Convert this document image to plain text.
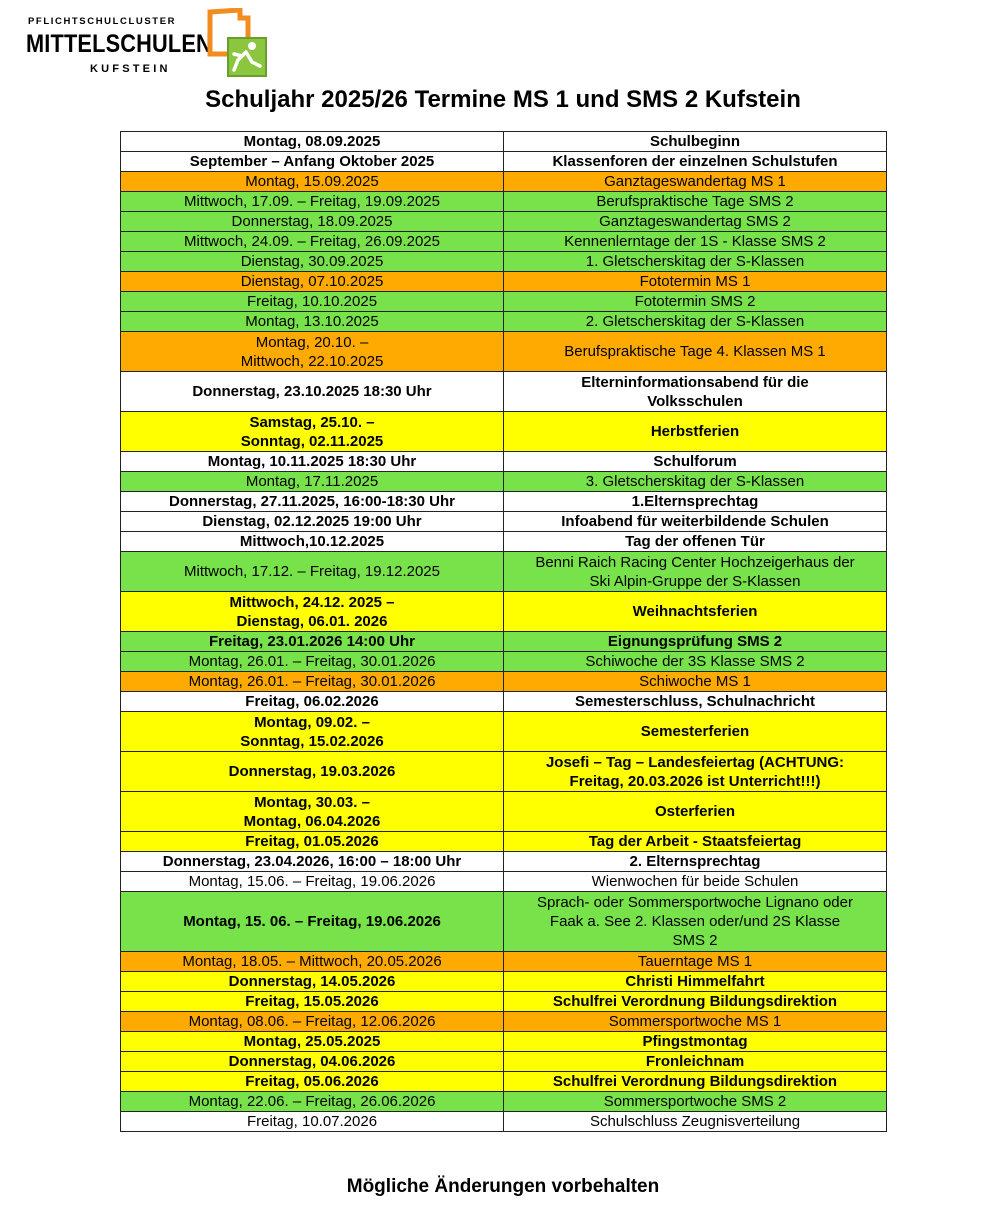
PFLICHTSCHULCLUSTER
MITTELSCHULEN
KUFSTEIN
Schuljahr 2025/26 Termine MS 1 und SMS 2 Kufstein
Montag, 08.09.2025	Schulbeginn
September – Anfang Oktober 2025	Klassenforen der einzelnen Schulstufen
Montag, 15.09.2025	Ganztageswandertag MS 1
Mittwoch, 17.09. – Freitag, 19.09.2025	Berufspraktische Tage SMS 2
Donnerstag, 18.09.2025	Ganztageswandertag SMS 2
Mittwoch, 24.09. – Freitag, 26.09.2025	Kennenlerntage der 1S - Klasse SMS 2
Dienstag, 30.09.2025	1. Gletscherskitag der S-Klassen
Dienstag, 07.10.2025	Fototermin MS 1
Freitag, 10.10.2025	Fototermin SMS 2
Montag, 13.10.2025	2. Gletscherskitag der S-Klassen
Montag, 20.10. –
Mittwoch, 22.10.2025	Berufspraktische Tage 4. Klassen MS 1
Donnerstag, 23.10.2025 18:30 Uhr	Elterninformationsabend für die
Volksschulen
Samstag, 25.10. –
Sonntag, 02.11.2025	Herbstferien
Montag, 10.11.2025 18:30 Uhr	Schulforum
Montag, 17.11.2025	3. Gletscherskitag der S-Klassen
Donnerstag, 27.11.2025, 16:00-18:30 Uhr	1.Elternsprechtag
Dienstag, 02.12.2025 19:00 Uhr	Infoabend für weiterbildende Schulen
Mittwoch,10.12.2025	Tag der offenen Tür
Mittwoch, 17.12. – Freitag, 19.12.2025	Benni Raich Racing Center Hochzeigerhaus der
Ski Alpin-Gruppe der S-Klassen
Mittwoch, 24.12. 2025 –
Dienstag, 06.01. 2026	Weihnachtsferien
Freitag, 23.01.2026 14:00 Uhr	Eignungsprüfung SMS 2
Montag, 26.01. – Freitag, 30.01.2026	Schiwoche der 3S Klasse SMS 2
Montag, 26.01. – Freitag, 30.01.2026	Schiwoche MS 1
Freitag, 06.02.2026	Semesterschluss, Schulnachricht
Montag, 09.02. –
Sonntag, 15.02.2026	Semesterferien
Donnerstag, 19.03.2026	Josefi – Tag – Landesfeiertag (ACHTUNG:
Freitag, 20.03.2026 ist Unterricht!!!)
Montag, 30.03. –
Montag, 06.04.2026	Osterferien
Freitag, 01.05.2026	Tag der Arbeit - Staatsfeiertag
Donnerstag, 23.04.2026, 16:00 – 18:00 Uhr	2. Elternsprechtag
Montag, 15.06. – Freitag, 19.06.2026	Wienwochen für beide Schulen
Montag, 15. 06. – Freitag, 19.06.2026	Sprach- oder Sommersportwoche Lignano oder
Faak a. See 2. Klassen oder/und 2S Klasse
SMS 2
Montag, 18.05. – Mittwoch, 20.05.2026	Tauerntage MS 1
Donnerstag, 14.05.2026	Christi Himmelfahrt
Freitag, 15.05.2026	Schulfrei Verordnung Bildungsdirektion
Montag, 08.06. – Freitag, 12.06.2026	Sommersportwoche MS 1
Montag, 25.05.2025	Pfingstmontag
Donnerstag, 04.06.2026	Fronleichnam
Freitag, 05.06.2026	Schulfrei Verordnung Bildungsdirektion
Montag, 22.06. – Freitag, 26.06.2026	Sommersportwoche SMS 2
Freitag, 10.07.2026	Schulschluss Zeugnisverteilung
Mögliche Änderungen vorbehalten
